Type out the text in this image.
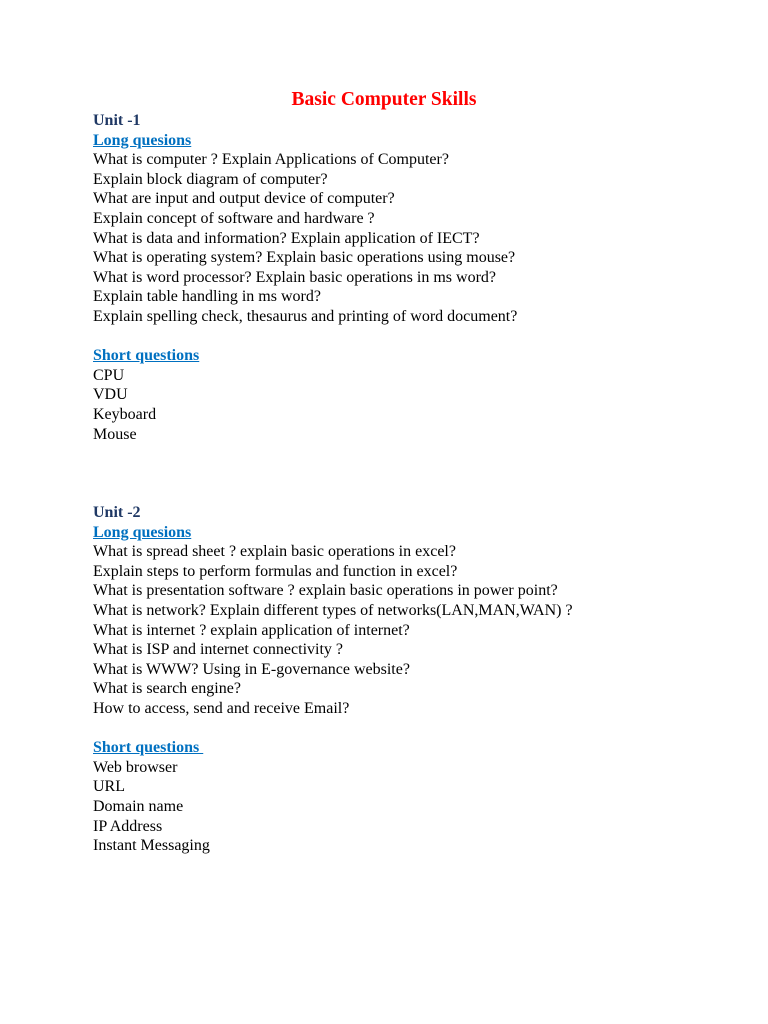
Basic Computer Skills
Unit -1
Long quesions
What is computer ? Explain Applications of Computer?
Explain block diagram of computer?
What are input and output device of computer?
Explain concept of software and hardware ?
What is data and information? Explain application of IECT?
What is operating system? Explain basic operations using mouse?
What is word processor? Explain basic operations in ms word?
Explain table handling in ms word?
Explain spelling check, thesaurus and printing of word document?
Short questions
CPU
VDU
Keyboard
Mouse
Unit -2
Long quesions
What is spread sheet ? explain basic operations in excel?
Explain steps to perform formulas and function in excel?
What is presentation software ? explain basic operations in power point?
What is network? Explain different types of networks(LAN,MAN,WAN) ?
What is internet ? explain application of internet?
What is ISP and internet connectivity ?
What is WWW? Using in E-governance website?
What is search engine?
How to access, send and receive Email?
Short questions
Web browser
URL
Domain name
IP Address
Instant Messaging
